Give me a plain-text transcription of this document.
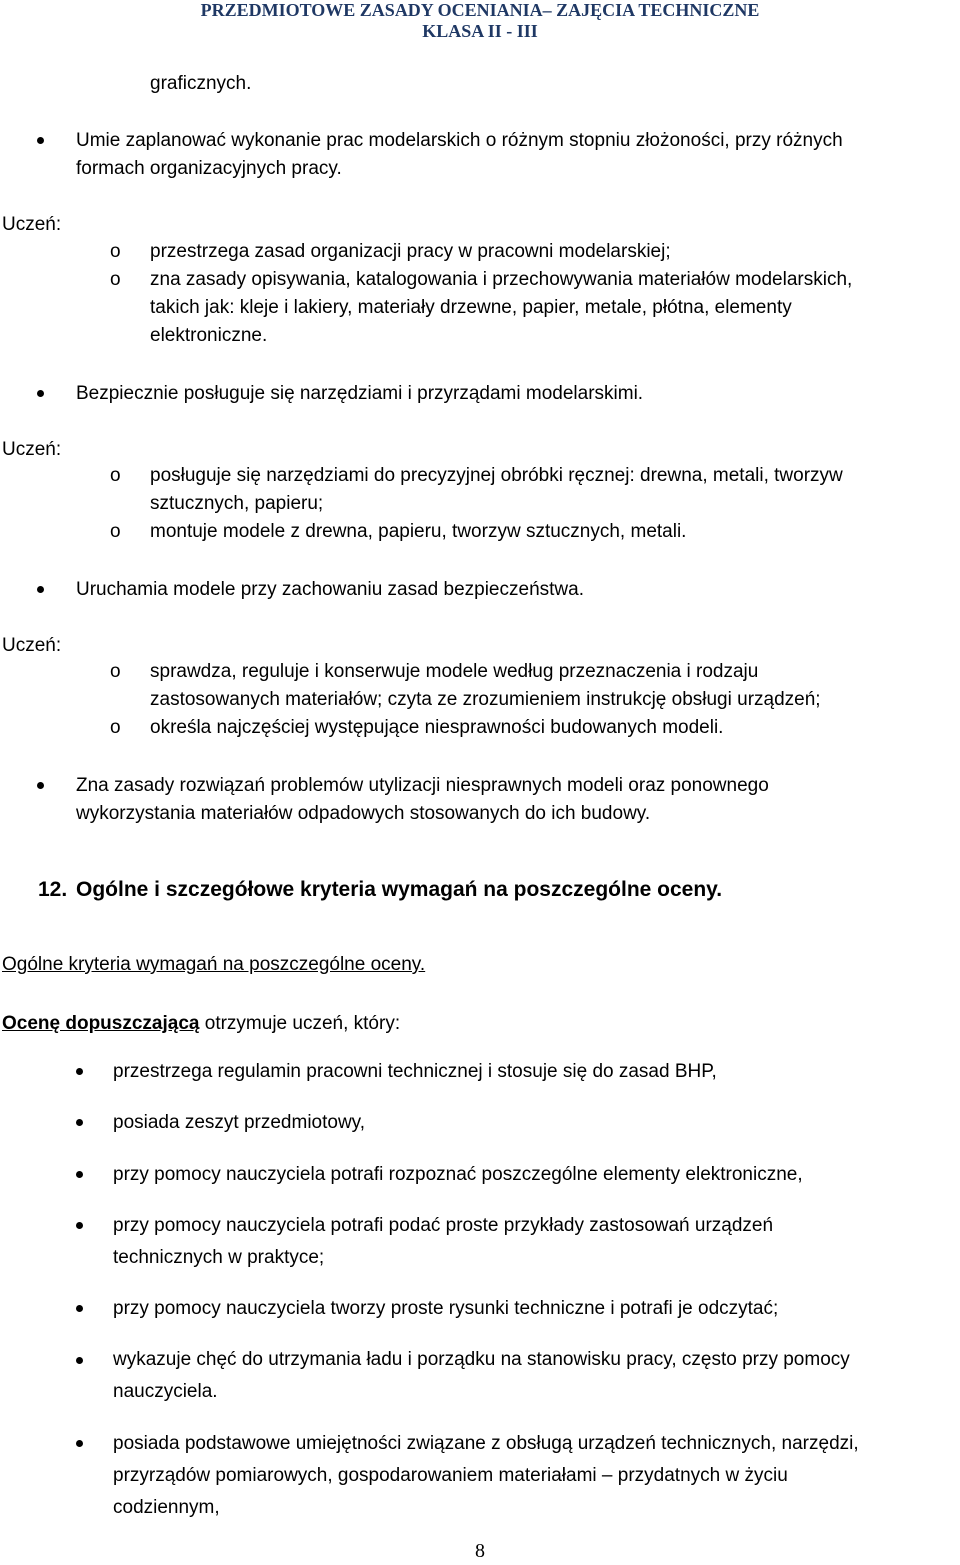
PRZEDMIOTOWE ZASADY OCENIANIA– ZAJĘCIA TECHNICZNE
KLASA II - III
graficznych.
Umie zaplanować wykonanie prac modelarskich o różnym stopniu złożoności, przy różnych
formach organizacyjnych pracy.
Uczeń:
o przestrzega zasad organizacji pracy w pracowni modelarskiej;
o zna zasady opisywania, katalogowania i przechowywania materiałów modelarskich,
takich jak: kleje i lakiery, materiały drzewne, papier, metale, płótna, elementy
elektroniczne.
Bezpiecznie posługuje się narzędziami i przyrządami modelarskimi.
Uczeń:
o posługuje się narzędziami do precyzyjnej obróbki ręcznej: drewna, metali, tworzyw
sztucznych, papieru;
o montuje modele z drewna, papieru, tworzyw sztucznych, metali.
Uruchamia modele przy zachowaniu zasad bezpieczeństwa.
Uczeń:
o sprawdza, reguluje i konserwuje modele według przeznaczenia i rodzaju
zastosowanych materiałów; czyta ze zrozumieniem instrukcję obsługi urządzeń;
o określa najczęściej występujące niesprawności budowanych modeli.
Zna zasady rozwiązań problemów utylizacji niesprawnych modeli oraz ponownego
wykorzystania materiałów odpadowych stosowanych do ich budowy.
12. Ogólne i szczegółowe kryteria wymagań na poszczególne oceny.
Ogólne kryteria wymagań na poszczególne oceny.
Ocenę dopuszczającą otrzymuje uczeń, który:
przestrzega regulamin pracowni technicznej i stosuje się do zasad BHP,
posiada zeszyt przedmiotowy,
przy pomocy nauczyciela potrafi rozpoznać poszczególne elementy elektroniczne,
przy pomocy nauczyciela potrafi podać proste przykłady zastosowań urządzeń
technicznych w praktyce;
przy pomocy nauczyciela tworzy proste rysunki techniczne i potrafi je odczytać;
wykazuje chęć do utrzymania ładu i porządku na stanowisku pracy, często przy pomocy
nauczyciela.
posiada podstawowe umiejętności związane z obsługą urządzeń technicznych, narzędzi,
przyrządów pomiarowych, gospodarowaniem materiałami – przydatnych w życiu
codziennym,
8
